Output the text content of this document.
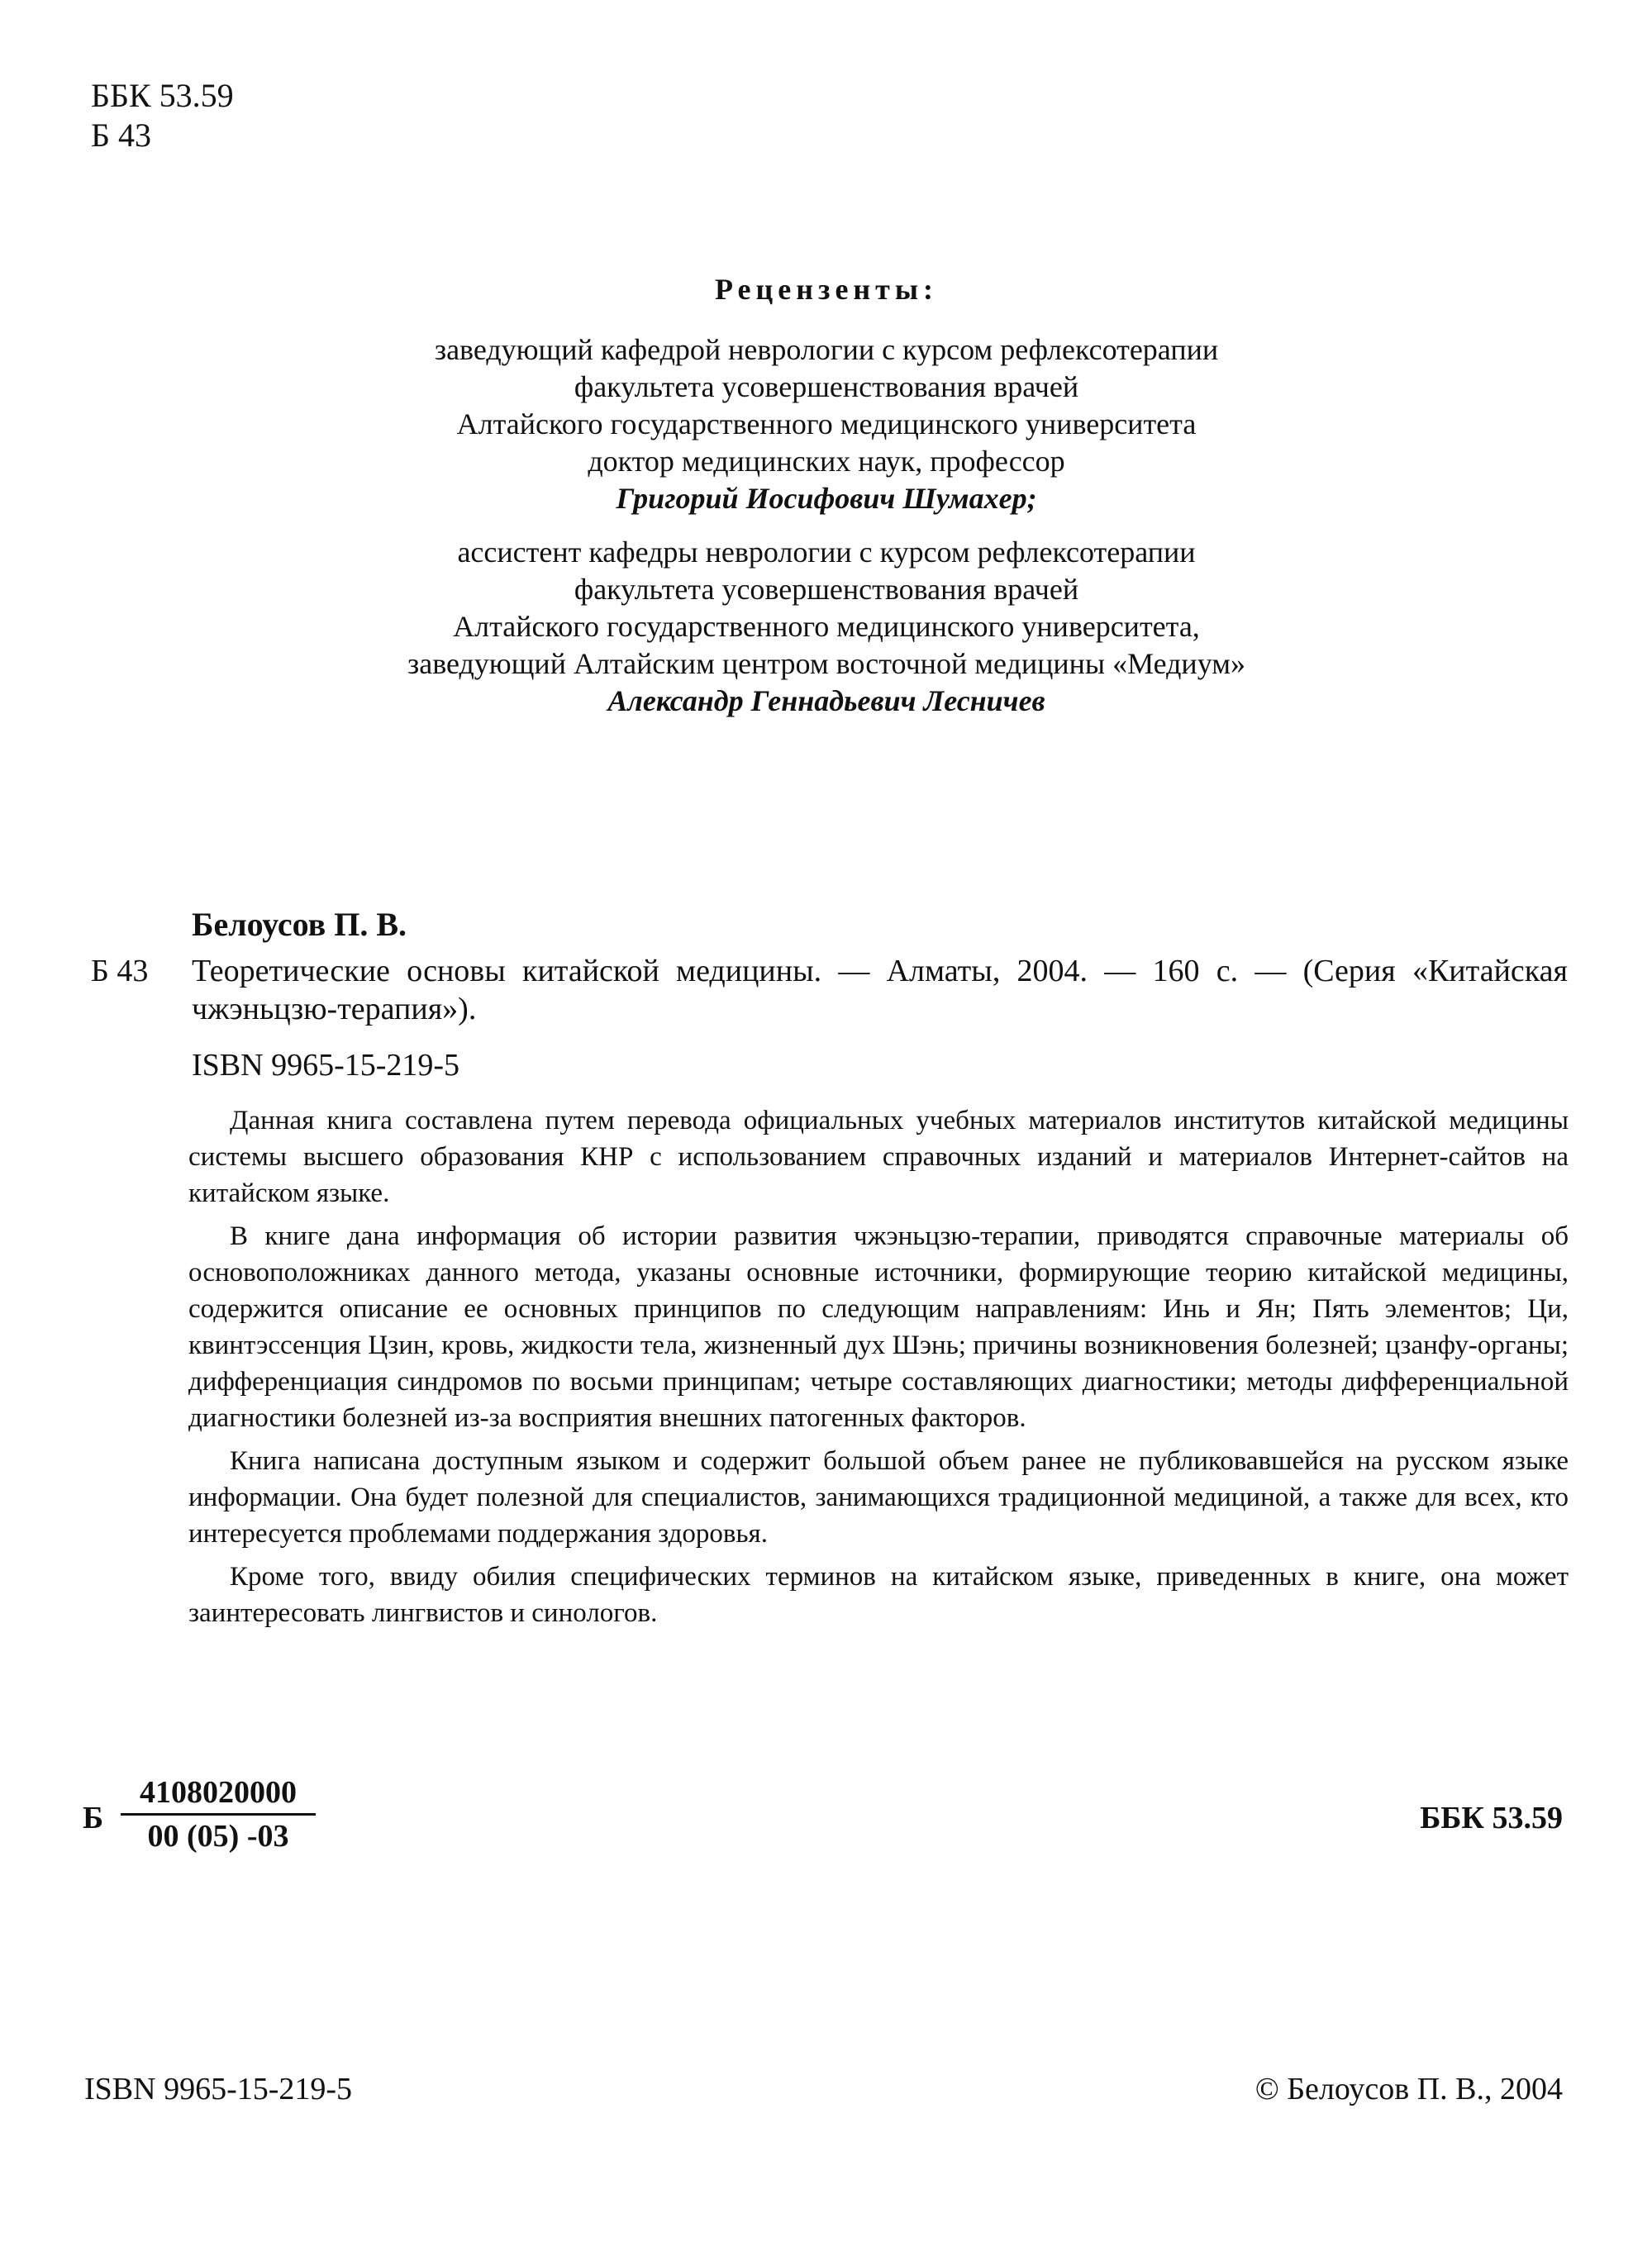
ББК 53.59
Б 43
Рецензенты:
заведующий кафедрой неврологии с курсом рефлексотерапии
факультета усовершенствования врачей
Алтайского государственного медицинского университета
доктор медицинских наук, профессор
Григорий Иосифович Шумахер;
ассистент кафедры неврологии с курсом рефлексотерапии
факультета усовершенствования врачей
Алтайского государственного медицинского университета,
заведующий Алтайским центром восточной медицины «Медиум»
Александр Геннадьевич Лесничев
Белоусов П. В.
Б 43 Теоретические основы китайской медицины. — Алматы, 2004. — 160 с. — (Серия «Китайская чжэньцзю-терапия»).
ISBN 9965-15-219-5

Данная книга составлена путем перевода официальных учебных материалов институтов китайской медицины системы высшего образования КНР с использованием справочных изданий и материалов Интернет-сайтов на китайском языке.

В книге дана информация об истории развития чжэньцзю-терапии, приводятся справочные материалы об основоположниках данного метода, указаны основные источники, формирующие теорию китайской медицины, содержится описание ее основных принципов по следующим направлениям: Инь и Ян; Пять элементов; Ци, квинтэссенция Цзин, кровь, жидкости тела, жизненный дух Шэнь; причины возникновения болезней; цзанфу-органы; дифференциация синдромов по восьми принципам; четыре составляющих диагностики; методы дифференциальной диагностики болезней из-за восприятия внешних патогенных факторов.

Книга написана доступным языком и содержит большой объем ранее не публиковавшейся на русском языке информации. Она будет полезной для специалистов, занимающихся традиционной медициной, а также для всех, кто интересуется проблемами поддержания здоровья.

Кроме того, ввиду обилия специфических терминов на китайском языке, приведенных в книге, она может заинтересовать лингвистов и синологов.

Б
4108020000
00 (05) -03
ББК 53.59
ISBN 9965-15-219-5	© Белоусов П. В., 2004
